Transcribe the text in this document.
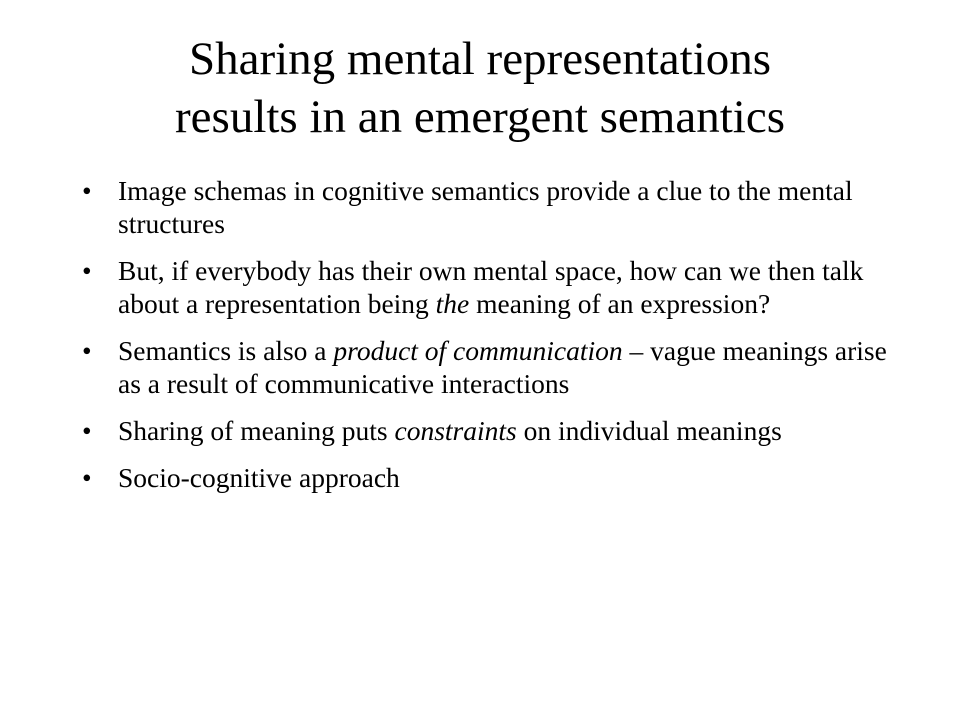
Sharing mental representations
results in an emergent semantics
• Image schemas in cognitive semantics provide a clue to the mental structures
• But, if everybody has their own mental space, how can we then talk about a representation being the meaning of an expression?
• Semantics is also a product of communication – vague meanings arise as a result of communicative interactions
• Sharing of meaning puts constraints on individual meanings
• Socio-cognitive approach
